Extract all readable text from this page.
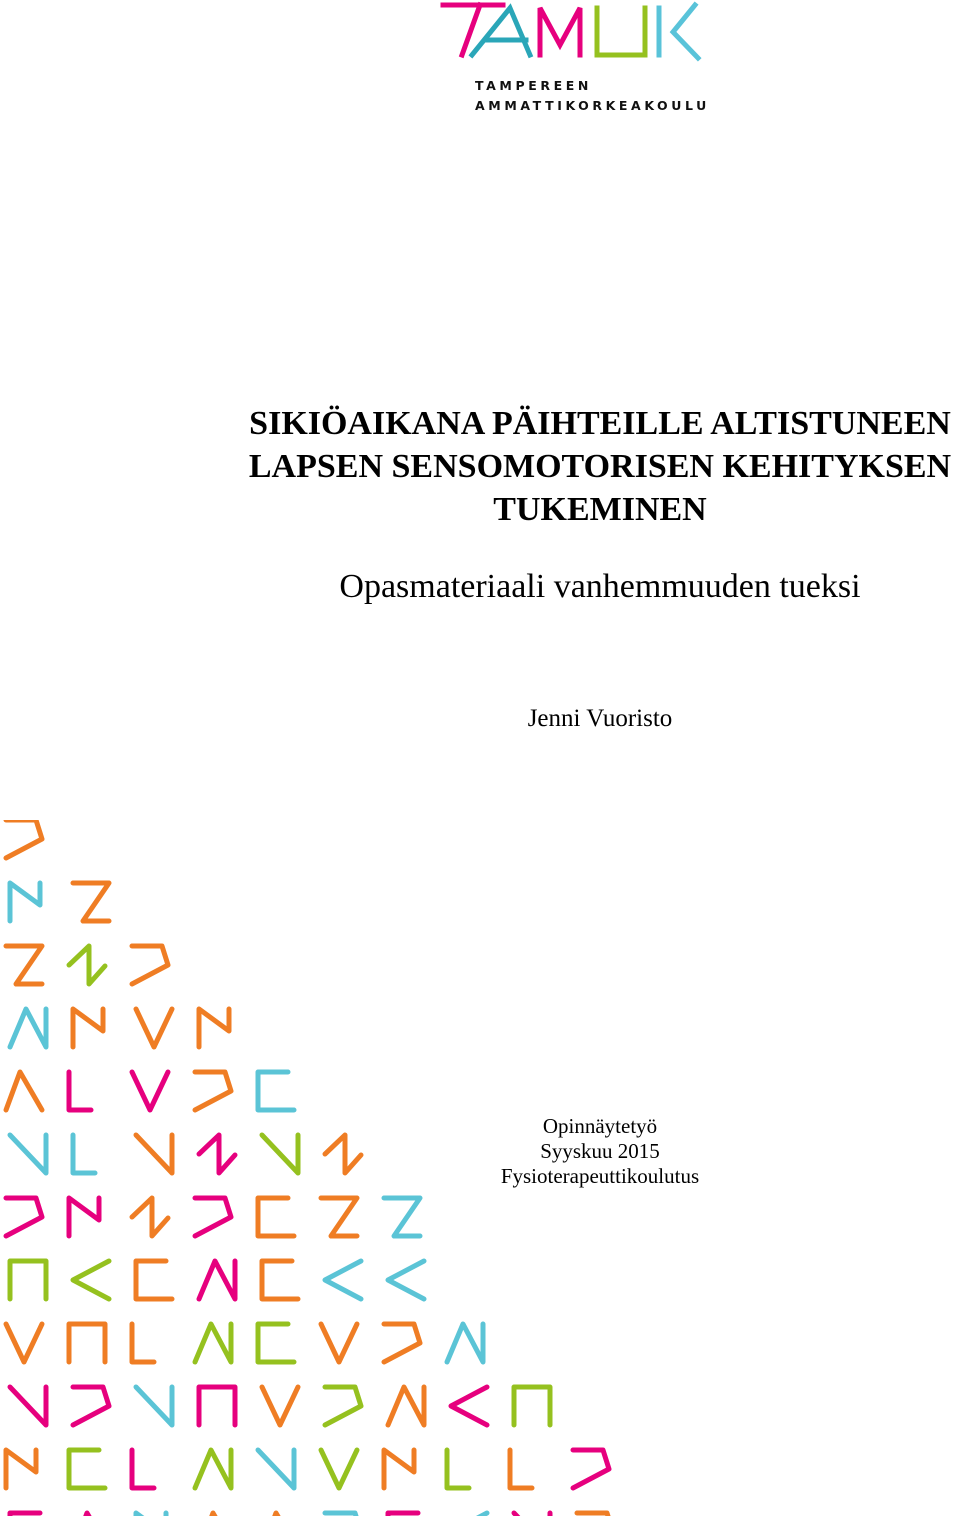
TAMPEREEN
AMMATTIKORKEAKOULU
SIKIÖAIKANA PÄIHTEILLE ALTISTUNEEN
LAPSEN SENSOMOTORISEN KEHITYKSEN
TUKEMINEN
Opasmateriaali vanhemmuuden tueksi
Jenni Vuoristo
Opinnäytetyö
Syyskuu 2015
Fysioterapeuttikoulutus
